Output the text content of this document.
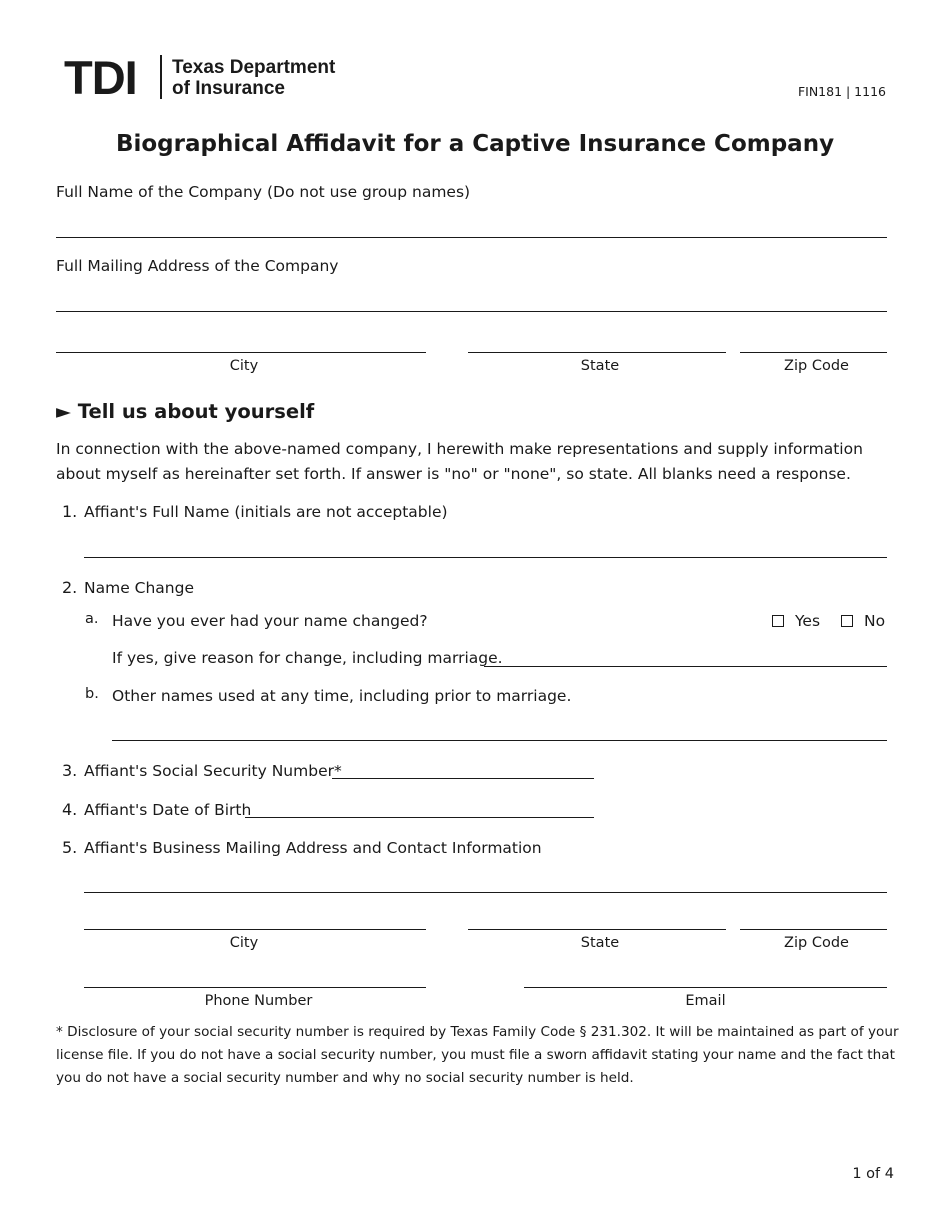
TDI Texas Department
of Insurance	FIN181 | 1116
Biographical Affidavit for a Captive Insurance Company
Full Name of the Company (Do not use group names)
Full Mailing Address of the Company
City	State	Zip Code
► Tell us about yourself
In connection with the above-named company, I herewith make representations and supply information about myself as hereinafter set forth. If answer is "no" or "none", so state. All blanks need a response.
1. Affiant's Full Name (initials are not acceptable)
2. Name Change
a. Have you ever had your name changed?	Yes	No
If yes, give reason for change, including marriage.
b. Other names used at any time, including prior to marriage.
3. Affiant's Social Security Number*
4. Affiant's Date of Birth
5. Affiant's Business Mailing Address and Contact Information
City	State	Zip Code
Phone Number	Email
* Disclosure of your social security number is required by Texas Family Code § 231.302. It will be maintained as part of your license file. If you do not have a social security number, you must file a sworn affidavit stating your name and the fact that you do not have a social security number and why no social security number is held.
1 of 4
